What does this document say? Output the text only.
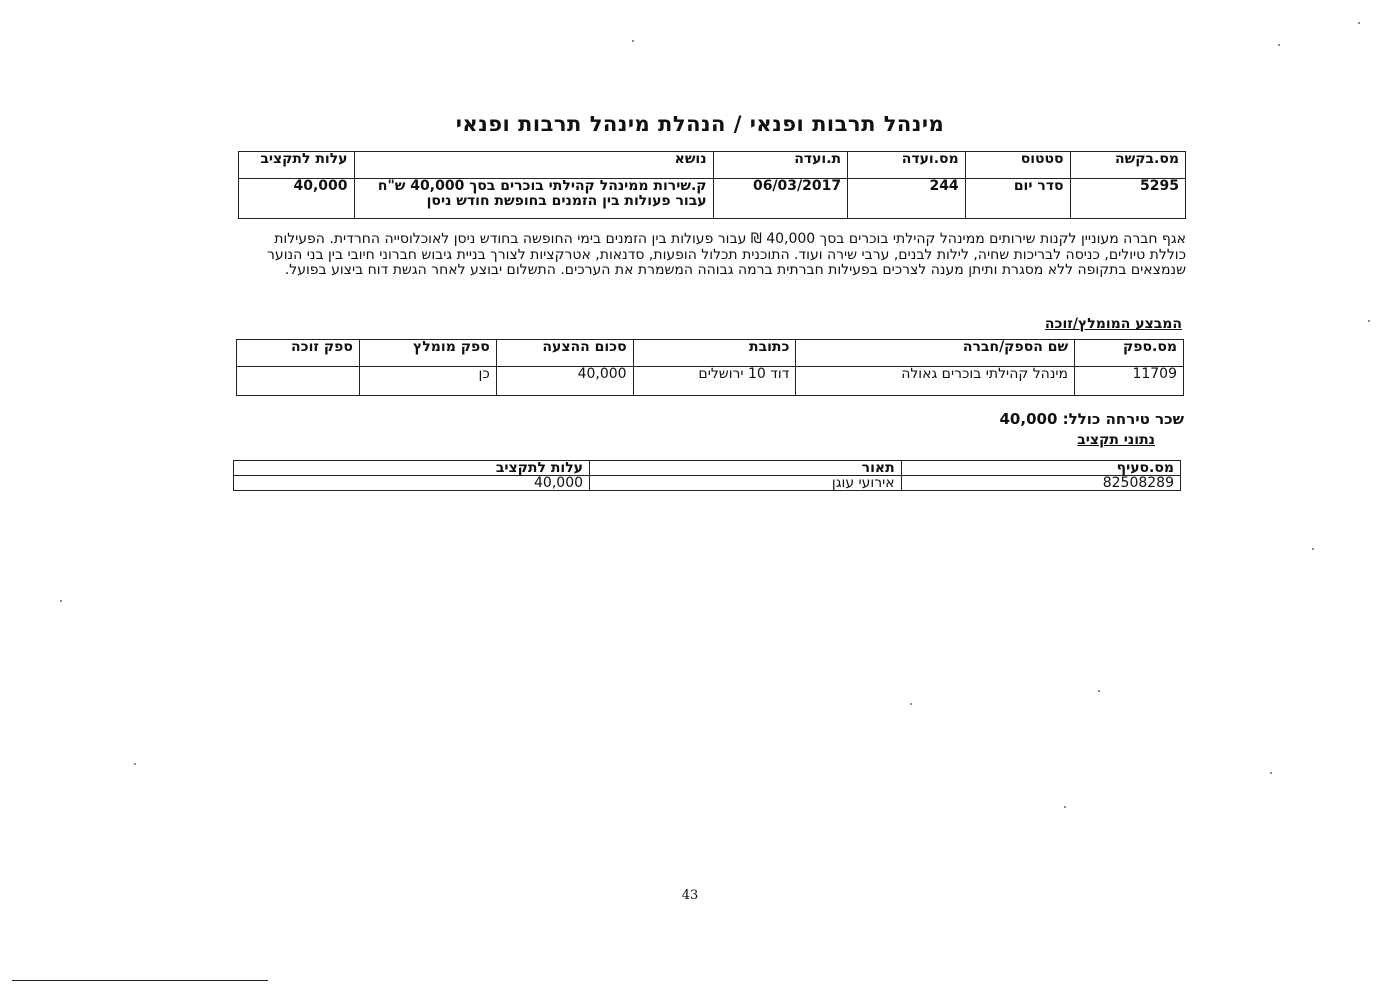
מינהל תרבות ופנאי / הנהלת מינהל תרבות ופנאי
מס.בקשה	סטטוס	מס.ועדה	ת.ועדה	נושא	עלות לתקציב
5295	סדר יום	244	06/03/2017	ק.שירות ממינהל קהילתי בוכרים בסך 40,000 ש"ח עבור פעולות בין הזמנים בחופשת חודש ניסן	40,000
אגף חברה מעוניין לקנות שירותים ממינהל קהילתי בוכרים בסך 40,000 ₪ עבור פעולות בין הזמנים בימי החופשה בחודש ניסן לאוכלוסייה החרדית. הפעילות כוללת טיולים, כניסה לבריכות שחיה, לילות לבנים, ערבי שירה ועוד. התוכנית תכלול הופעות, סדנאות, אטרקציות לצורך בניית גיבוש חברוני חיובי בין בני הנוער שנמצאים בתקופה ללא מסגרת ותיתן מענה לצרכים בפעילות חברתית ברמה גבוהה המשמרת את הערכים. התשלום יבוצע לאחר הגשת דוח ביצוע בפועל.
המבצע המומלץ/זוכה
מס.ספק	שם הספק/חברה	כתובת	סכום ההצעה	ספק מומלץ	ספק זוכה
11709	מינהל קהילתי בוכרים גאולה	דוד 10 ירושלים	40,000	כן	
שכר טירחה כולל: 40,000
נתוני תקציב
מס.סעיף	תאור	עלות לתקציב
82508289	אירועי עוגן	40,000
43
